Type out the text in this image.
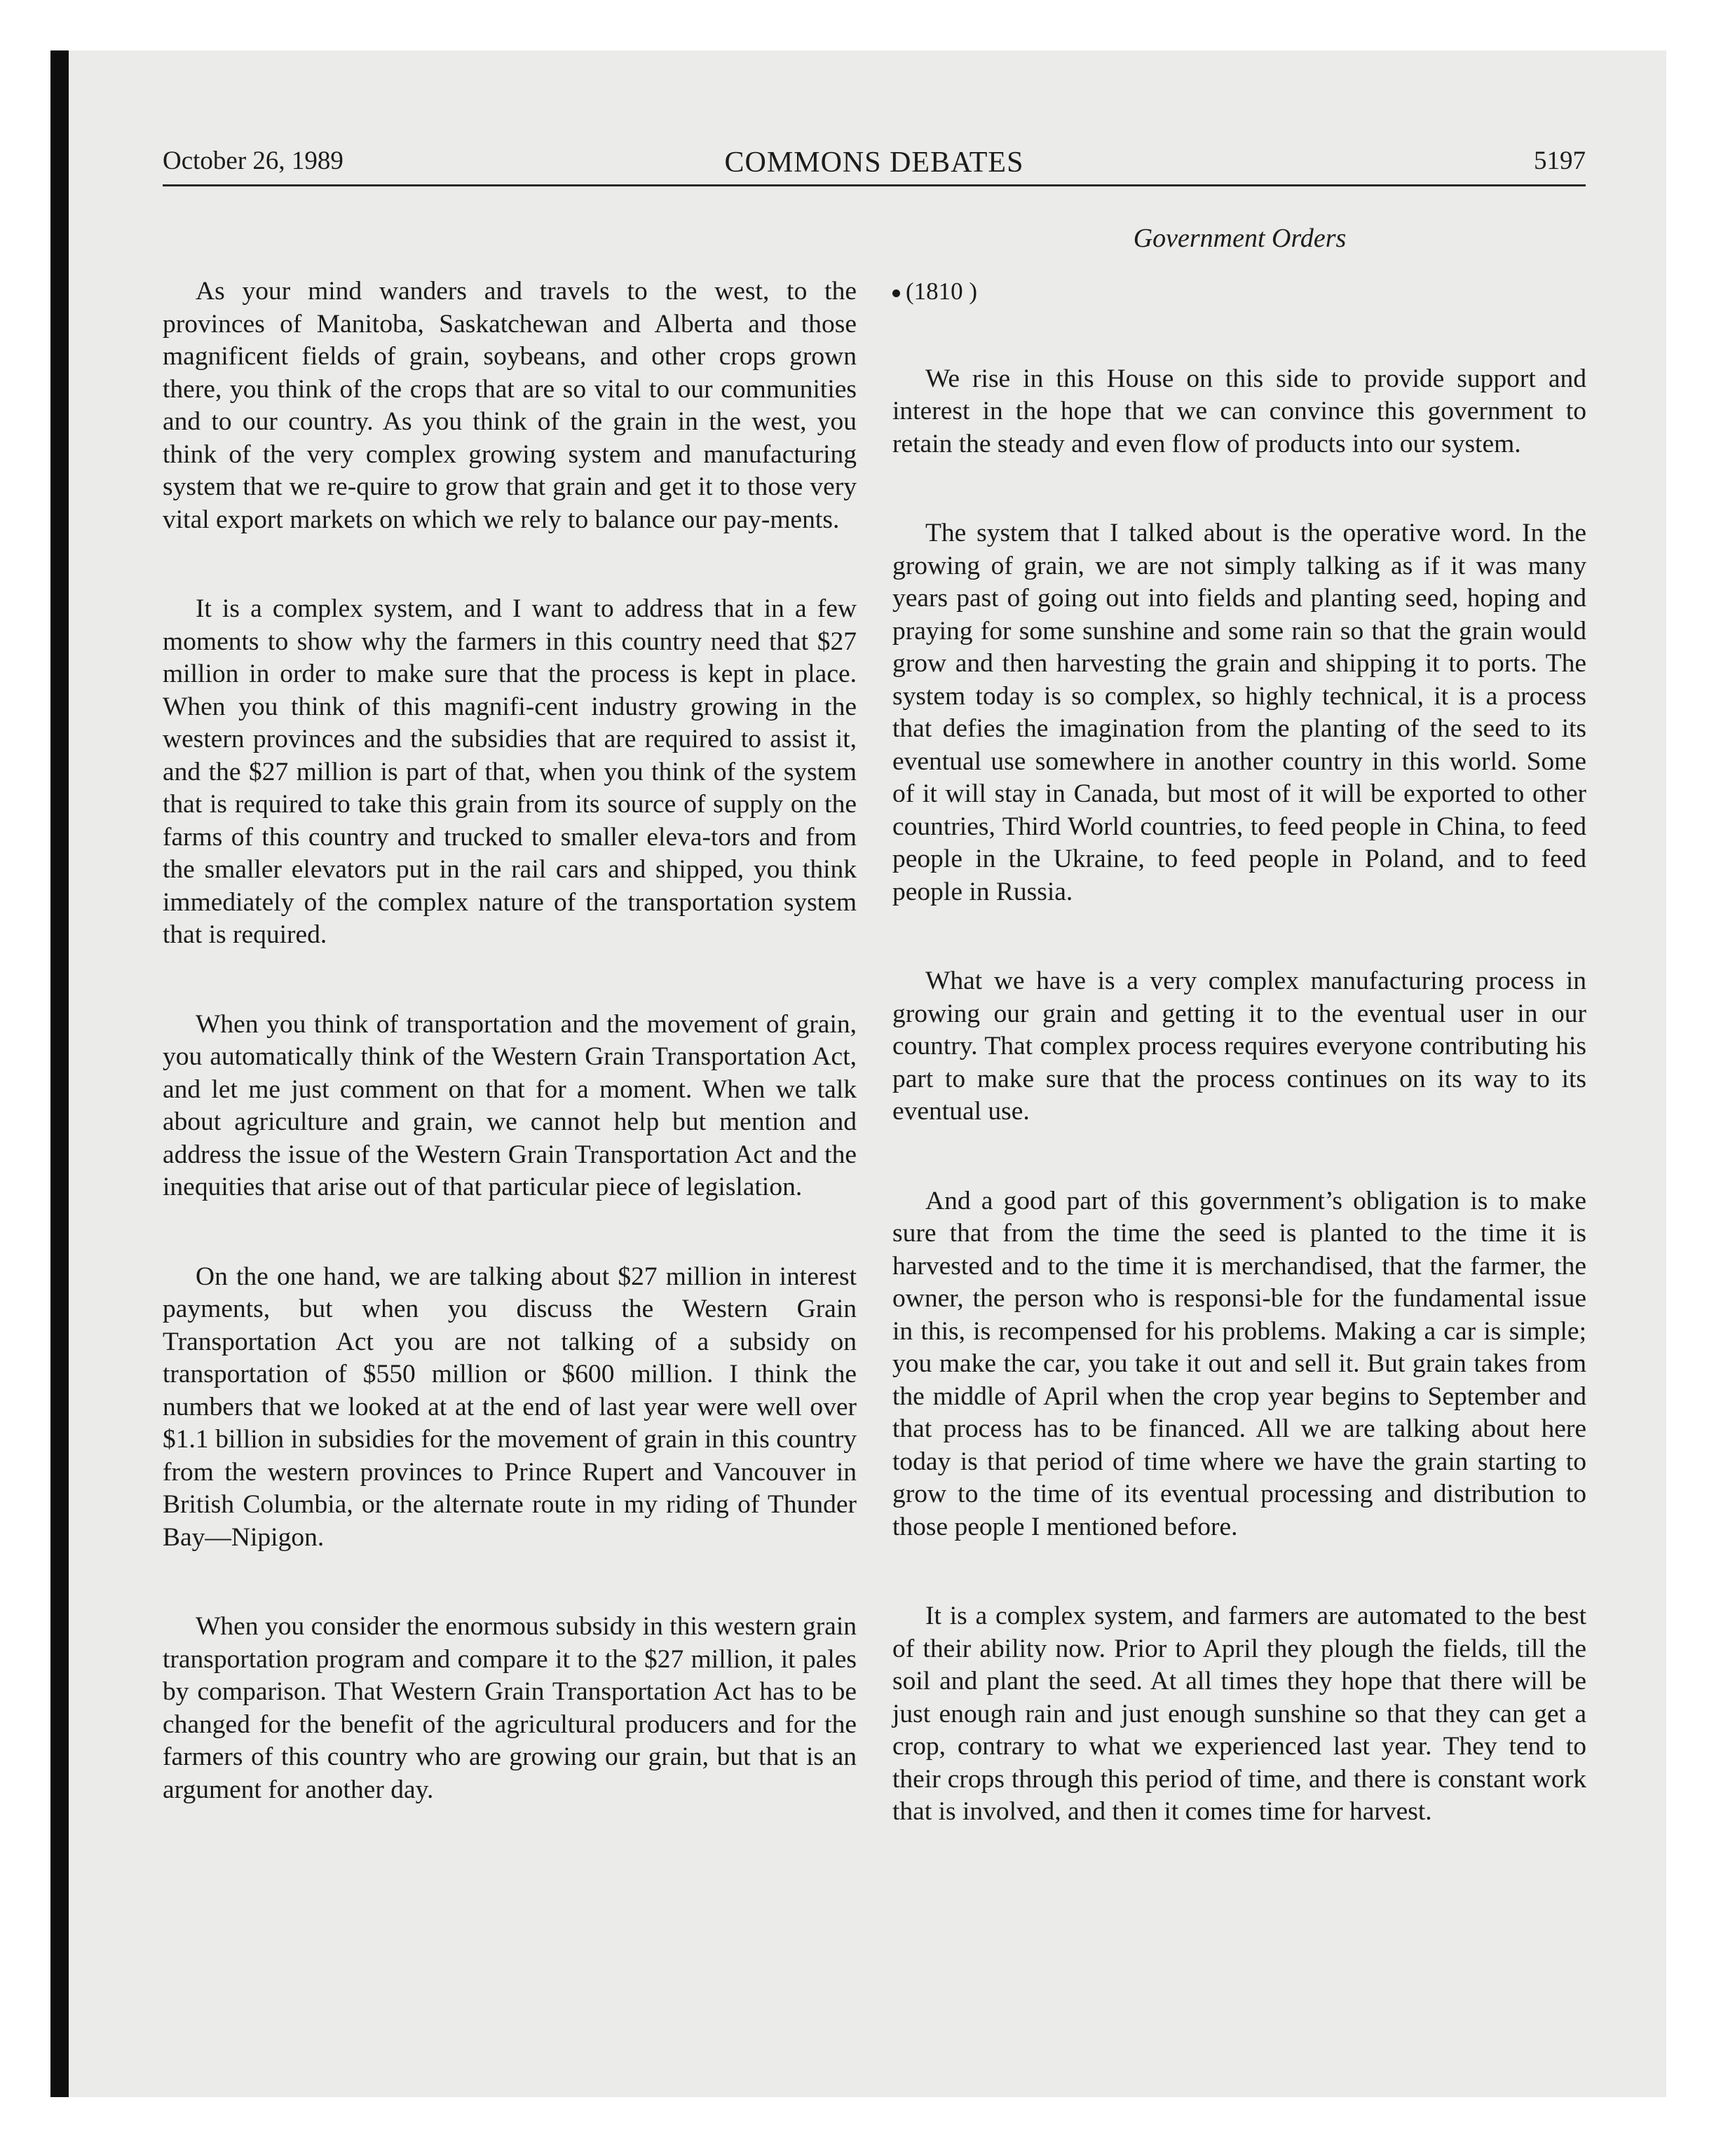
October 26, 1989	COMMONS DEBATES	5197
Government Orders

As your mind wanders and travels to the west, to the provinces of Manitoba, Saskatchewan and Alberta and those magnificent fields of grain, soybeans, and other crops grown there, you think of the crops that are so vital to our communities and to our country. As you think of the grain in the west, you think of the very complex growing system and manufacturing system that we re-quire to grow that grain and get it to those very vital export markets on which we rely to balance our pay-ments.

It is a complex system, and I want to address that in a few moments to show why the farmers in this country need that $27 million in order to make sure that the process is kept in place. When you think of this magnifi-cent industry growing in the western provinces and the subsidies that are required to assist it, and the $27 million is part of that, when you think of the system that is required to take this grain from its source of supply on the farms of this country and trucked to smaller eleva-tors and from the smaller elevators put in the rail cars and shipped, you think immediately of the complex nature of the transportation system that is required.

When you think of transportation and the movement of grain, you automatically think of the Western Grain Transportation Act, and let me just comment on that for a moment. When we talk about agriculture and grain, we cannot help but mention and address the issue of the Western Grain Transportation Act and the inequities that arise out of that particular piece of legislation.

On the one hand, we are talking about $27 million in interest payments, but when you discuss the Western Grain Transportation Act you are not talking of a subsidy on transportation of $550 million or $600 million. I think the numbers that we looked at at the end of last year were well over $1.1 billion in subsidies for the movement of grain in this country from the western provinces to Prince Rupert and Vancouver in British Columbia, or the alternate route in my riding of Thunder Bay—Nipigon.

When you consider the enormous subsidy in this western grain transportation program and compare it to the $27 million, it pales by comparison. That Western Grain Transportation Act has to be changed for the benefit of the agricultural producers and for the farmers of this country who are growing our grain, but that is an argument for another day.

(1810 )

We rise in this House on this side to provide support and interest in the hope that we can convince this government to retain the steady and even flow of products into our system.

The system that I talked about is the operative word. In the growing of grain, we are not simply talking as if it was many years past of going out into fields and planting seed, hoping and praying for some sunshine and some rain so that the grain would grow and then harvesting the grain and shipping it to ports. The system today is so complex, so highly technical, it is a process that defies the imagination from the planting of the seed to its eventual use somewhere in another country in this world. Some of it will stay in Canada, but most of it will be exported to other countries, Third World countries, to feed people in China, to feed people in the Ukraine, to feed people in Poland, and to feed people in Russia.

What we have is a very complex manufacturing process in growing our grain and getting it to the eventual user in our country. That complex process requires everyone contributing his part to make sure that the process continues on its way to its eventual use.

And a good part of this government’s obligation is to make sure that from the time the seed is planted to the time it is harvested and to the time it is merchandised, that the farmer, the owner, the person who is responsi-ble for the fundamental issue in this, is recompensed for his problems. Making a car is simple; you make the car, you take it out and sell it. But grain takes from the middle of April when the crop year begins to September and that process has to be financed. All we are talking about here today is that period of time where we have the grain starting to grow to the time of its eventual processing and distribution to those people I mentioned before.

It is a complex system, and farmers are automated to the best of their ability now. Prior to April they plough the fields, till the soil and plant the seed. At all times they hope that there will be just enough rain and just enough sunshine so that they can get a crop, contrary to what we experienced last year. They tend to their crops through this period of time, and there is constant work that is involved, and then it comes time for harvest.
